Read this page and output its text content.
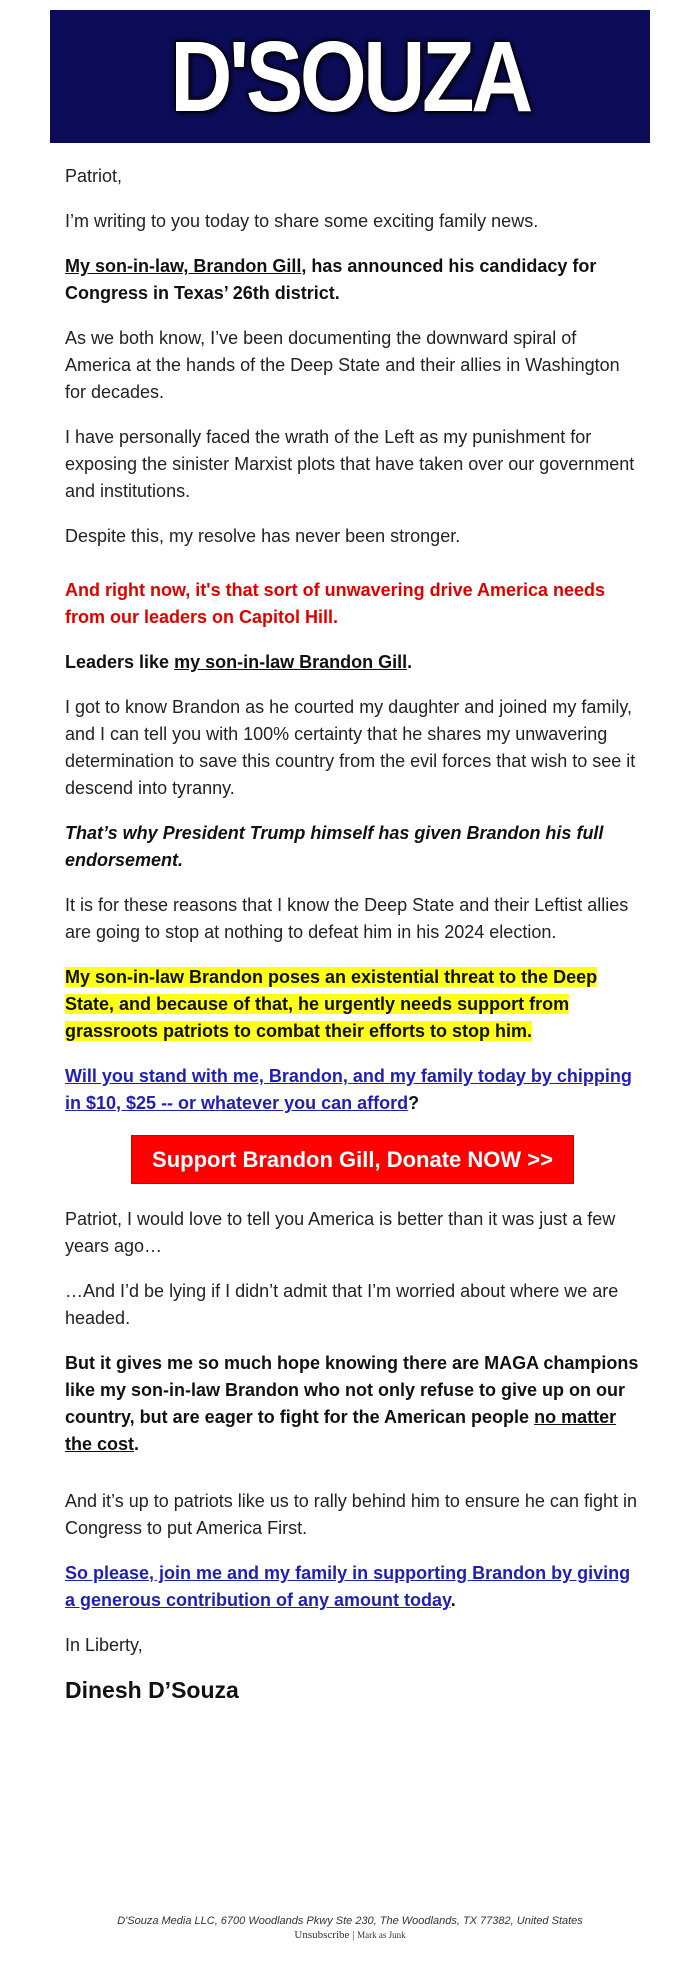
D'SOUZA

Patriot,

I’m writing to you today to share some exciting family news.

My son-in-law, Brandon Gill, has announced his candidacy for Congress in Texas’ 26th district.

As we both know, I’ve been documenting the downward spiral of America at the hands of the Deep State and their allies in Washington for decades.

I have personally faced the wrath of the Left as my punishment for exposing the sinister Marxist plots that have taken over our government and institutions.

Despite this, my resolve has never been stronger.

And right now, it's that sort of unwavering drive America needs from our leaders on Capitol Hill.

Leaders like my son-in-law Brandon Gill.

I got to know Brandon as he courted my daughter and joined my family, and I can tell you with 100% certainty that he shares my unwavering determination to save this country from the evil forces that wish to see it descend into tyranny.

That’s why President Trump himself has given Brandon his full endorsement.

It is for these reasons that I know the Deep State and their Leftist allies are going to stop at nothing to defeat him in his 2024 election.

My son-in-law Brandon poses an existential threat to the Deep State, and because of that, he urgently needs support from grassroots patriots to combat their efforts to stop him.

Will you stand with me, Brandon, and my family today by chipping in $10, $25 -- or whatever you can afford?

Support Brandon Gill, Donate NOW >>

Patriot, I would love to tell you America is better than it was just a few years ago…

…And I’d be lying if I didn’t admit that I’m worried about where we are headed.

But it gives me so much hope knowing there are MAGA champions like my son-in-law Brandon who not only refuse to give up on our country, but are eager to fight for the American people no matter the cost.

And it’s up to patriots like us to rally behind him to ensure he can fight in Congress to put America First.

So please, join me and my family in supporting Brandon by giving a generous contribution of any amount today.

In Liberty,

Dinesh D’Souza
D'Souza Media LLC, 6700 Woodlands Pkwy Ste 230, The Woodlands, TX 77382, United States
Unsubscribe | Mark as Junk
